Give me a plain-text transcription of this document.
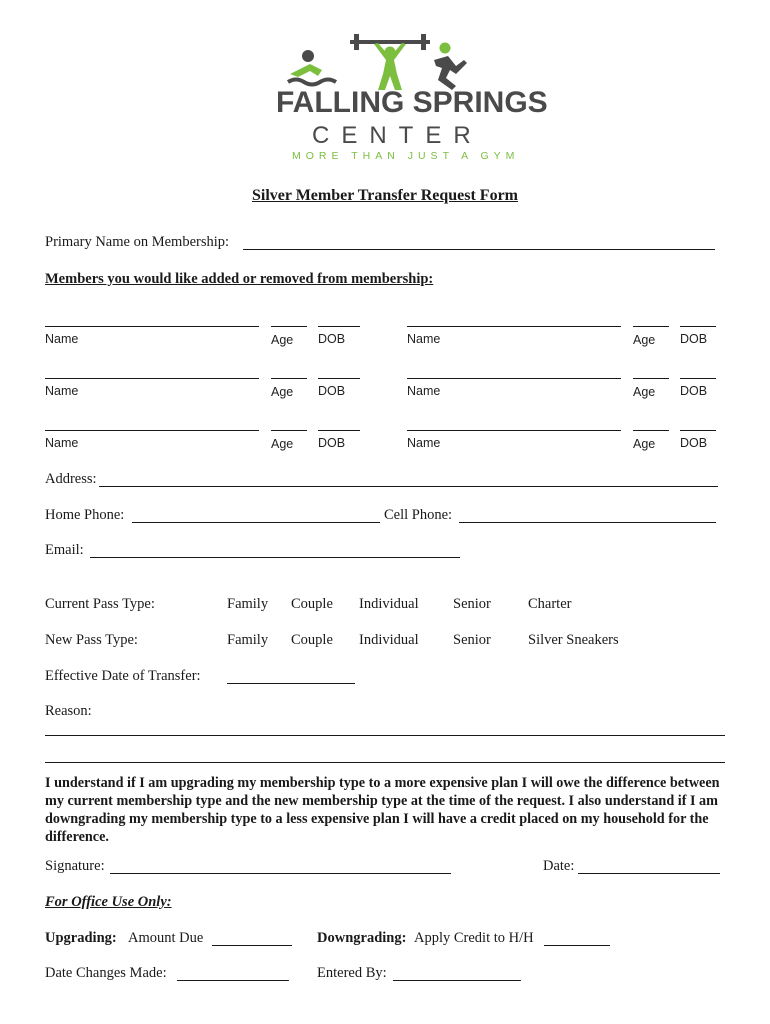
FALLING SPRINGS
CENTER
MORE THAN JUST A GYM
Silver Member Transfer Request Form
Primary Name on Membership:
Members you would like added or removed from membership:
Name	Age DOB	Name	Age DOB
Name	Age DOB	Name	Age DOB
Name	Age DOB	Name	Age DOB
Address:
Home Phone:	Cell Phone:
Email:
Current Pass Type:	Family Couple Individual Senior	Charter
New Pass Type:	Family Couple Individual Senior	Silver Sneakers
Effective Date of Transfer:
Reason:
I understand if I am upgrading my membership type to a more expensive plan I will owe the difference between my current membership type and the new membership type at the time of the request. I also understand if I am downgrading my membership type to a less expensive plan I will have a credit placed on my household for the difference.
Signature:	Date:
For Office Use Only:
Upgrading: Amount Due	Downgrading: Apply Credit to H/H
Date Changes Made:	Entered By:
